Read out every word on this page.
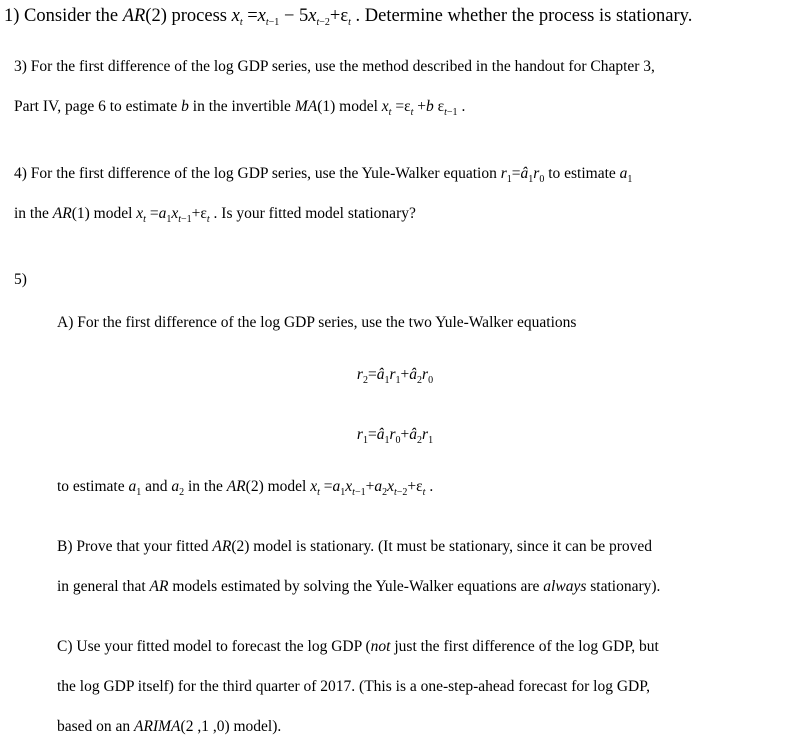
1) Consider the AR(2) process $x_t =x_{t-1} - 5x_{t-2}+\varepsilon_t$ . Determine whether the process is stationary.
3) For the first difference of the log GDP series, use the method described in the handout for Chapter 3,
Part IV, page 6 to estimate b in the invertible MA(1) model $x_t =\varepsilon_t +b$ $\varepsilon_{t-1}$ .
4) For the first difference of the log GDP series, use the Yule-Walker equation $r_1=â_1r_0$ to estimate $a_1$
in the AR(1) model $x_t =a_1x_{t-1}+\varepsilon_t$ . Is your fitted model stationary?
5)
A) For the first difference of the log GDP series, use the two Yule-Walker equations
$r_2=â_1r_1+â_2r_0$
$r_1=â_1r_0+â_2r_1$
to estimate $a_1$ and $a_2$ in the AR(2) model $x_t =a_1x_{t-1}+a_2x_{t-2}+\varepsilon_t$ .
B) Prove that your fitted AR(2) model is stationary. (It must be stationary, since it can be proved
in general that AR models estimated by solving the Yule-Walker equations are always stationary).
C) Use your fitted model to forecast the log GDP (not just the first difference of the log GDP, but
the log GDP itself) for the third quarter of 2017. (This is a one-step-ahead forecast for log GDP,
based on an ARIMA(2 ,1 ,0) model).
